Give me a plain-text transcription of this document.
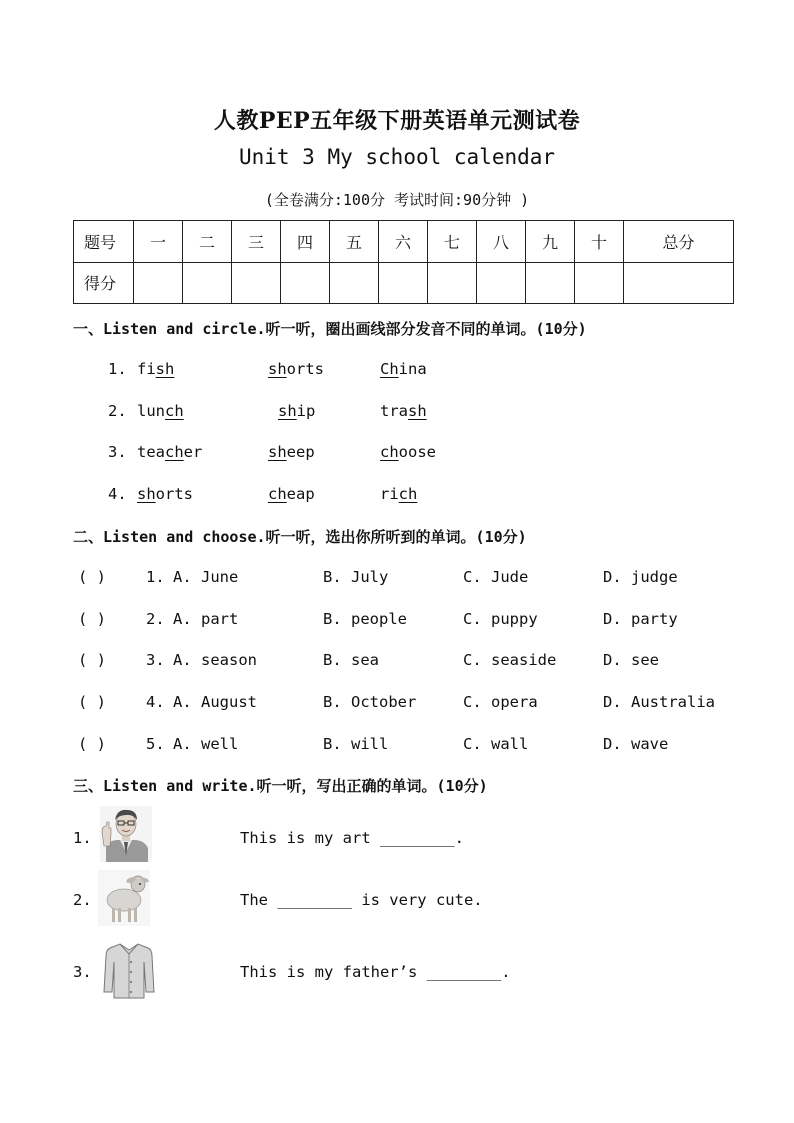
人教PEP五年级下册英语单元测试卷
Unit 3 My school calendar
(全卷满分:100分 考试时间:90分钟 )
题号	一	二	三	四	五	六	七	八	九	十	总分
得分											
一、Listen and circle.听一听，圈出画线部分发音不同的单词。(10分)
1. fish	shorts	China
2. lunch	ship	trash
3. teacher	sheep	choose
4. shorts	cheap	rich
二、Listen and choose.听一听，选出你所听到的单词。(10分)
( )	1. A. June	B. July	C. Jude	D. judge
( )	2. A. part	B. people	C. puppy	D. party
( )	3. A. season	B. sea	C. seaside	D. see
( )	4. A. August	B. October	C. opera	D. Australia
( )	5. A. well	B. will	C. wall	D. wave
三、Listen and write.听一听，写出正确的单词。(10分)
1.	This is my art ________.
2.	The ________ is very cute.
3.	This is my father’s ________.
